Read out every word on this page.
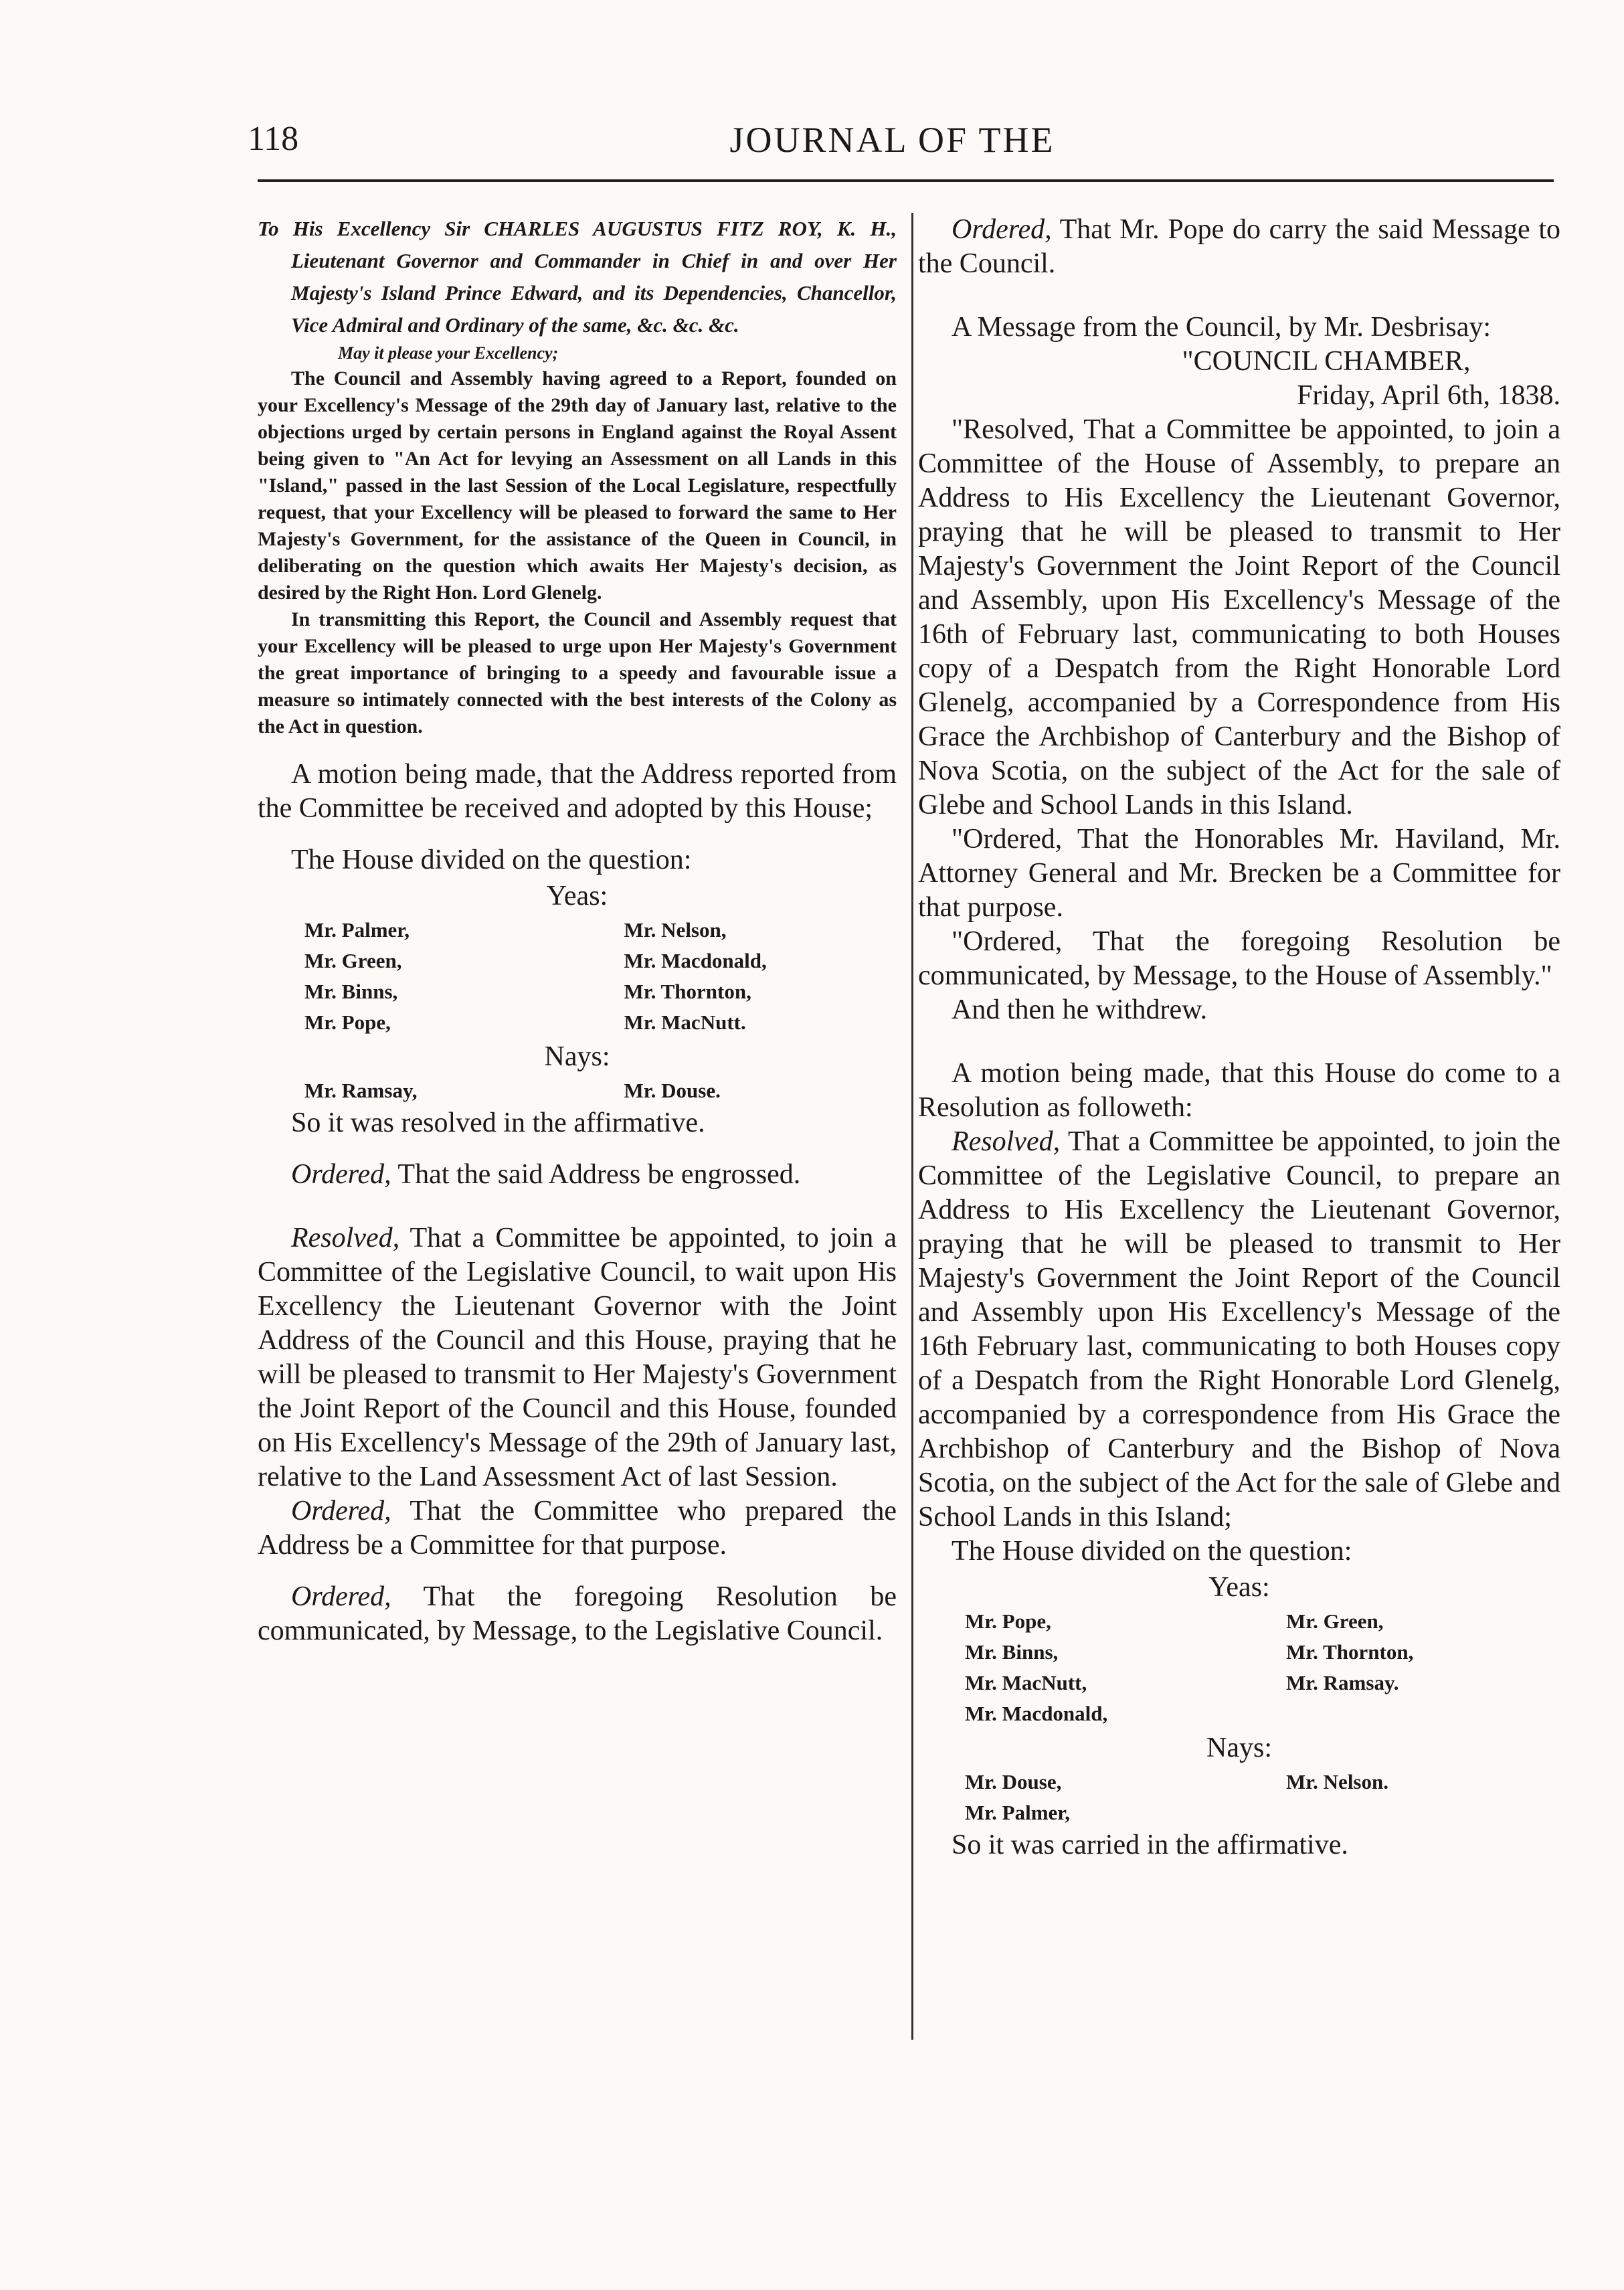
118	JOURNAL OF THE

To His Excellency Sir CHARLES AUGUSTUS FITZ ROY, K. H., Lieutenant Governor and Commander in Chief in and over Her Majesty's Island Prince Edward, and its Dependencies, Chancellor, Vice Admiral and Ordinary of the same, &c. &c. &c.

May it please your Excellency;

The Council and Assembly having agreed to a Report, founded on your Excellency's Message of the 29th day of January last, relative to the objections urged by certain persons in England against the Royal Assent being given to "An Act for levying an Assessment on all Lands in this "Island," passed in the last Session of the Local Legislature, respectfully request, that your Excellency will be pleased to forward the same to Her Majesty's Government, for the assistance of the Queen in Council, in deliberating on the question which awaits Her Majesty's decision, as desired by the Right Hon. Lord Glenelg.

In transmitting this Report, the Council and Assembly request that your Excellency will be pleased to urge upon Her Majesty's Government the great importance of bringing to a speedy and favourable issue a measure so intimately connected with the best interests of the Colony as the Act in question.

A motion being made, that the Address reported from the Committee be received and adopted by this House;

The House divided on the question:

Yeas:
Mr. Palmer,	Mr. Nelson,
Mr. Green,	Mr. Macdonald,
Mr. Binns,	Mr. Thornton,
Mr. Pope,	Mr. MacNutt.
Nays:
Mr. Ramsay,	Mr. Douse.

So it was resolved in the affirmative.

Ordered, That the said Address be engrossed.

Resolved, That a Committee be appointed, to join a Committee of the Legislative Council, to wait upon His Excellency the Lieutenant Governor with the Joint Address of the Council and this House, praying that he will be pleased to transmit to Her Majesty's Government the Joint Report of the Council and this House, founded on His Excellency's Message of the 29th of January last, relative to the Land Assessment Act of last Session.

Ordered, That the Committee who prepared the Address be a Committee for that purpose.

Ordered, That the foregoing Resolution be communicated, by Message, to the Legislative Council.

Ordered, That Mr. Pope do carry the said Message to the Council.

A Message from the Council, by Mr. Desbrisay:

"COUNCIL CHAMBER,

Friday, April 6th, 1838.

"Resolved, That a Committee be appointed, to join a Committee of the House of Assembly, to prepare an Address to His Excellency the Lieutenant Governor, praying that he will be pleased to transmit to Her Majesty's Government the Joint Report of the Council and Assembly, upon His Excellency's Message of the 16th of February last, communicating to both Houses copy of a Despatch from the Right Honorable Lord Glenelg, accompanied by a Correspondence from His Grace the Archbishop of Canterbury and the Bishop of Nova Scotia, on the subject of the Act for the sale of Glebe and School Lands in this Island.

"Ordered, That the Honorables Mr. Haviland, Mr. Attorney General and Mr. Brecken be a Committee for that purpose.

"Ordered, That the foregoing Resolution be communicated, by Message, to the House of Assembly."

And then he withdrew.

A motion being made, that this House do come to a Resolution as followeth:

Resolved, That a Committee be appointed, to join the Committee of the Legislative Council, to prepare an Address to His Excellency the Lieutenant Governor, praying that he will be pleased to transmit to Her Majesty's Government the Joint Report of the Council and Assembly upon His Excellency's Message of the 16th February last, communicating to both Houses copy of a Despatch from the Right Honorable Lord Glenelg, accompanied by a correspondence from His Grace the Archbishop of Canterbury and the Bishop of Nova Scotia, on the subject of the Act for the sale of Glebe and School Lands in this Island;

The House divided on the question:

Yeas:
Mr. Pope,	Mr. Green,
Mr. Binns,	Mr. Thornton,
Mr. MacNutt,	Mr. Ramsay.
Mr. Macdonald,
Nays:
Mr. Douse,	Mr. Nelson.
Mr. Palmer,

So it was carried in the affirmative.
